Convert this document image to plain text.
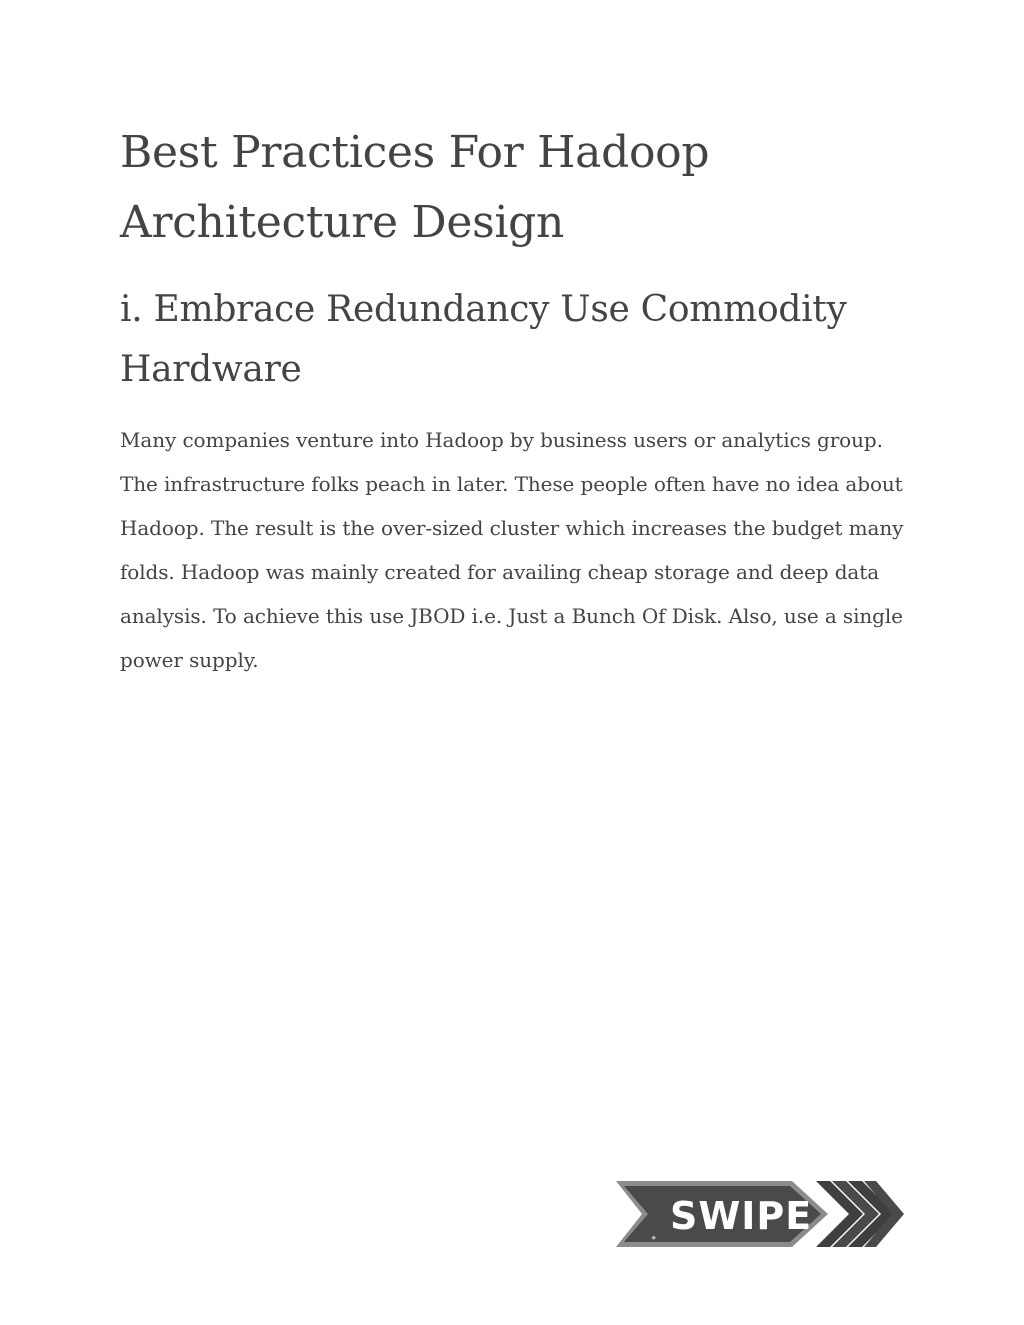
Best Practices For Hadoop Architecture Design
i. Embrace Redundancy Use Commodity Hardware

Many companies venture into Hadoop by business users or analytics group. The infrastructure folks peach in later. These people often have no idea about Hadoop. The result is the over-sized cluster which increases the budget many folds. Hadoop was mainly created for availing cheap storage and deep data analysis. To achieve this use JBOD i.e. Just a Bunch Of Disk. Also, use a single power supply.

✦
SWIPE
